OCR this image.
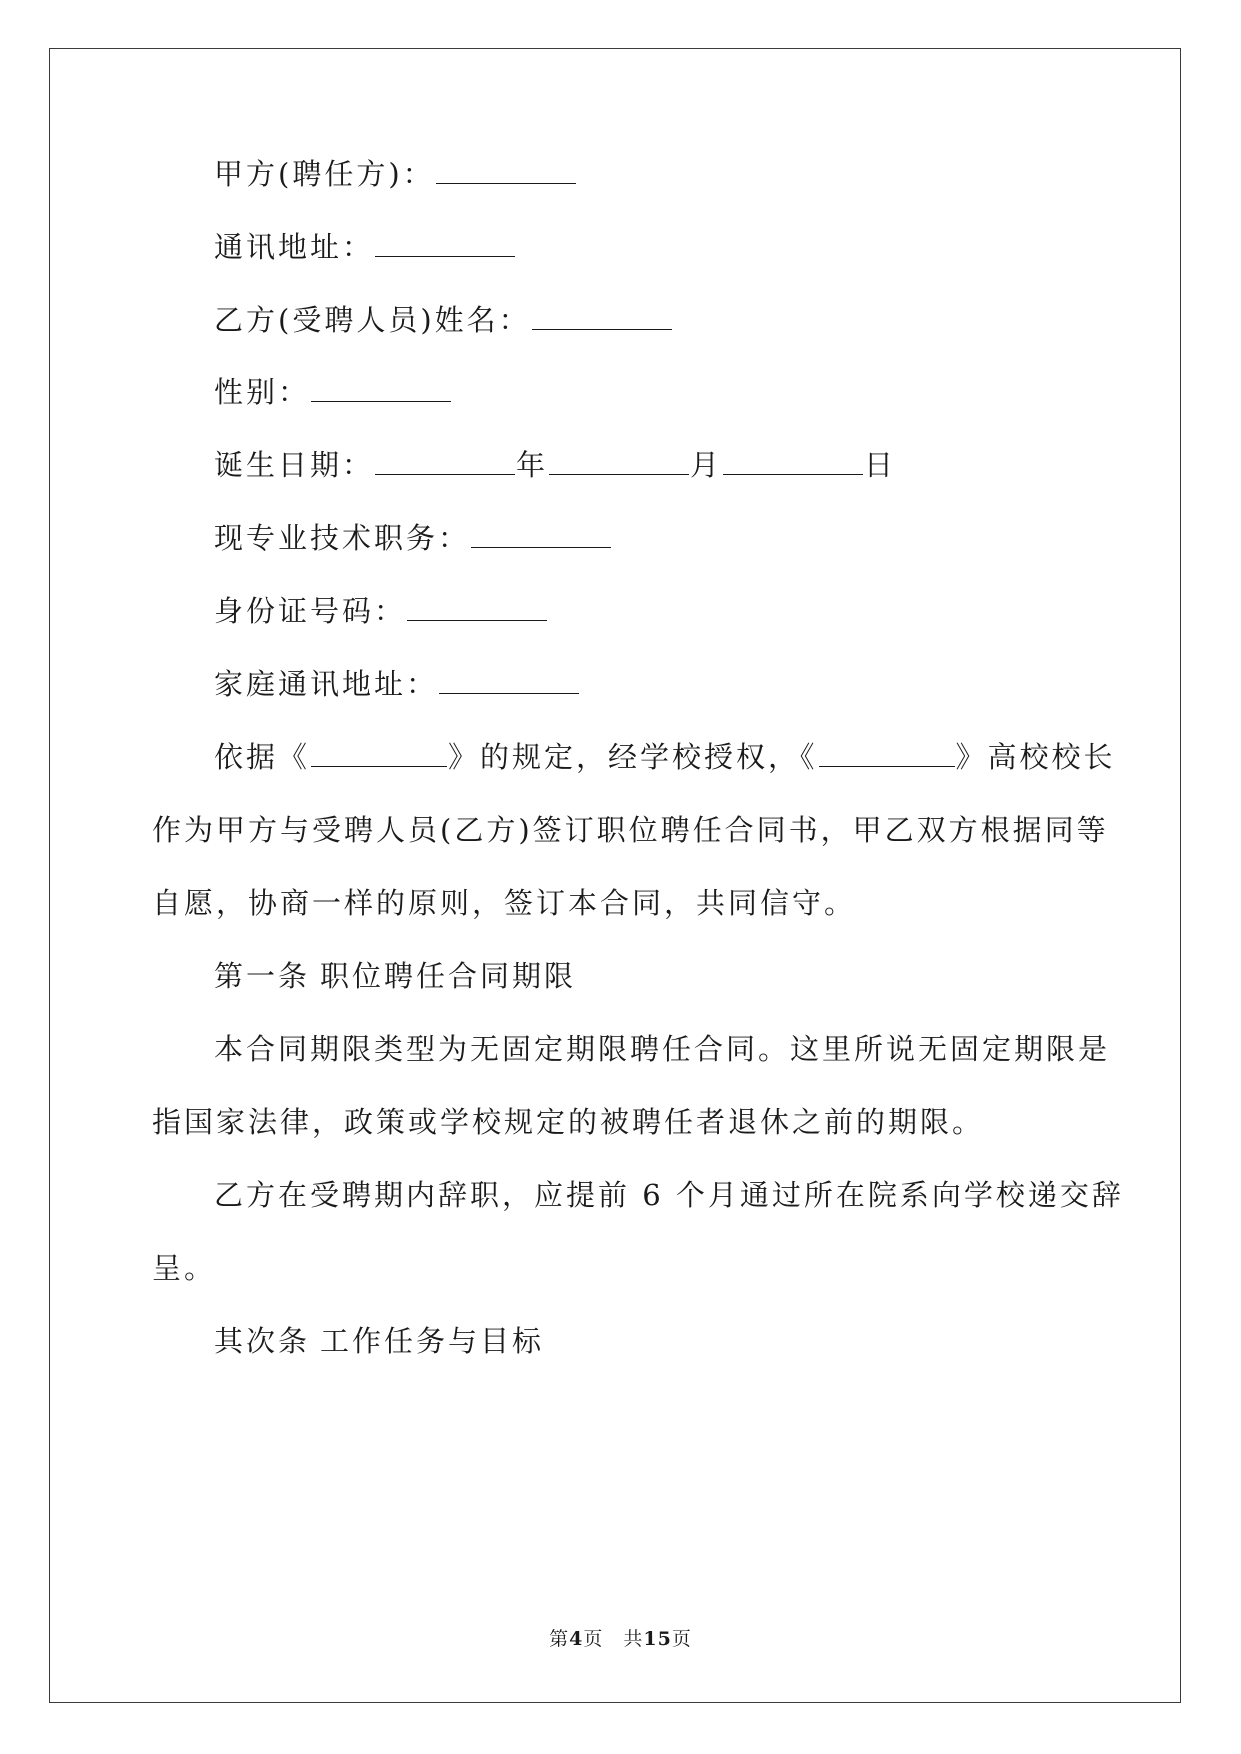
甲方(聘任方)：
通讯地址：
乙方(受聘人员)姓名：
性别：
诞生日期：	年	月	日
现专业技术职务：
身份证号码：
家庭通讯地址：
依据《	》的规定，经学校授权，《	》高校校长
作为甲方与受聘人员(乙方)签订职位聘任合同书，甲乙双方根据同等
自愿，协商一样的原则，签订本合同，共同信守。
第一条 职位聘任合同期限
本合同期限类型为无固定期限聘任合同。这里所说无固定期限是
指国家法律，政策或学校规定的被聘任者退休之前的期限。
乙方在受聘期内辞职，应提前 6 个月通过所在院系向学校递交辞
呈。
其次条 工作任务与目标
第4页　共15页
